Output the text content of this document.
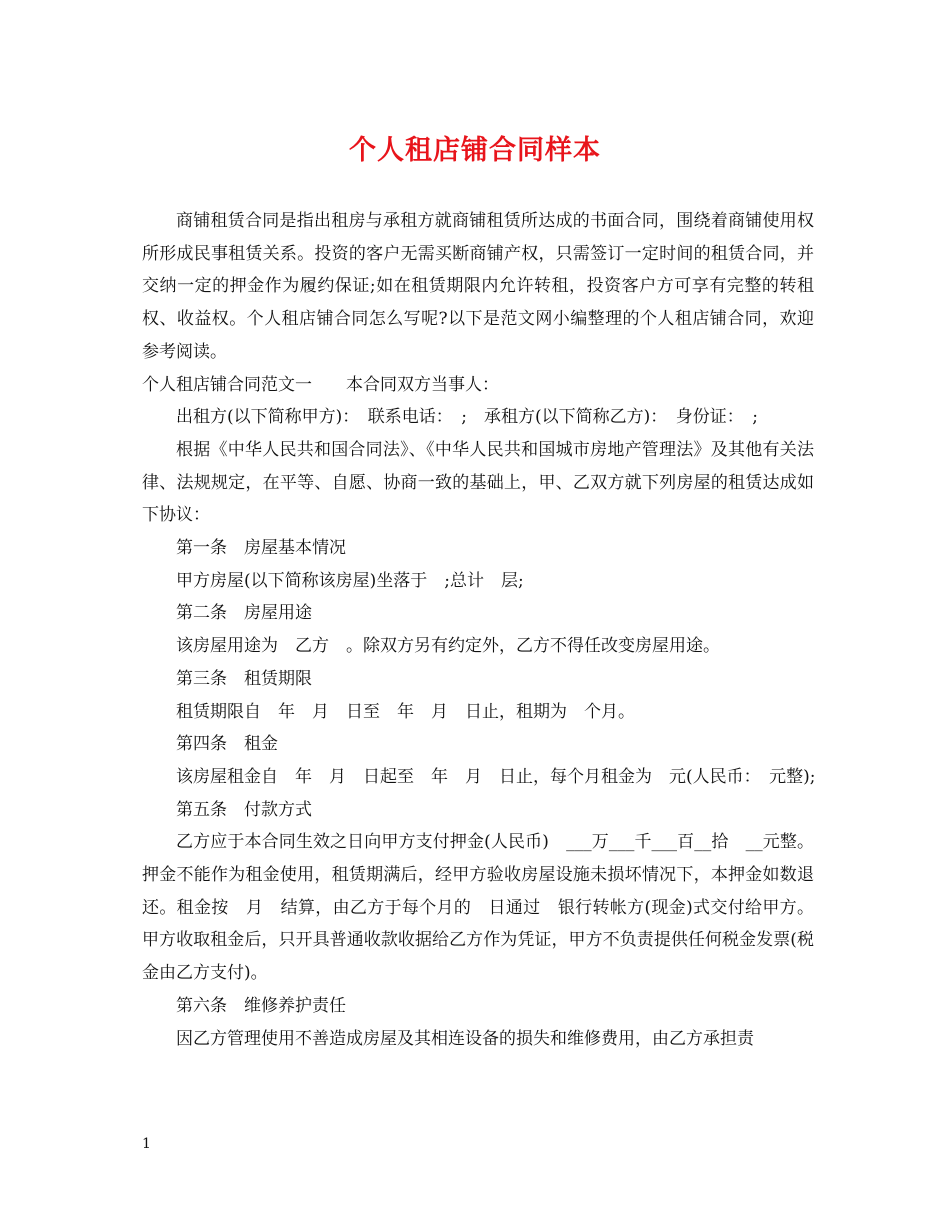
个人租店铺合同样本

商铺租赁合同是指出租房与承租方就商铺租赁所达成的书面合同，围绕着商铺使用权所形成民事租赁关系。投资的客户无需买断商铺产权，只需签订一定时间的租赁合同，并交纳一定的押金作为履约保证;如在租赁期限内允许转租，投资客户方可享有完整的转租权、收益权。个人租店铺合同怎么写呢?以下是范文网小编整理的个人租店铺合同，欢迎参考阅读。

个人租店铺合同范文一　　本合同双方当事人：

出租方(以下简称甲方)：　联系电话：　;　承租方(以下简称乙方)：　身份证：　;

根据《中华人民共和国合同法》、《中华人民共和国城市房地产管理法》及其他有关法律、法规规定，在平等、自愿、协商一致的基础上，甲、乙双方就下列房屋的租赁达成如下协议：

第一条　房屋基本情况

甲方房屋(以下简称该房屋)坐落于　;总计　层;

第二条　房屋用途

该房屋用途为　乙方　。除双方另有约定外，乙方不得任改变房屋用途。

第三条　租赁期限

租赁期限自　年　月　日至　年　月　日止，租期为　个月。

第四条　租金

该房屋租金自　年　月　日起至　年　月　日止，每个月租金为　元(人民币：　元整);

第五条　付款方式

乙方应于本合同生效之日向甲方支付押金(人民币)　___万___千___百__拾　__元整。押金不能作为租金使用，租赁期满后，经甲方验收房屋设施未损坏情况下，本押金如数退还。租金按　月　结算，由乙方于每个月的　日通过　银行转帐方(现金)式交付给甲方。甲方收取租金后，只开具普通收款收据给乙方作为凭证，甲方不负责提供任何税金发票(税金由乙方支付)。

第六条　维修养护责任

因乙方管理使用不善造成房屋及其相连设备的损失和维修费用，由乙方承担责

1
